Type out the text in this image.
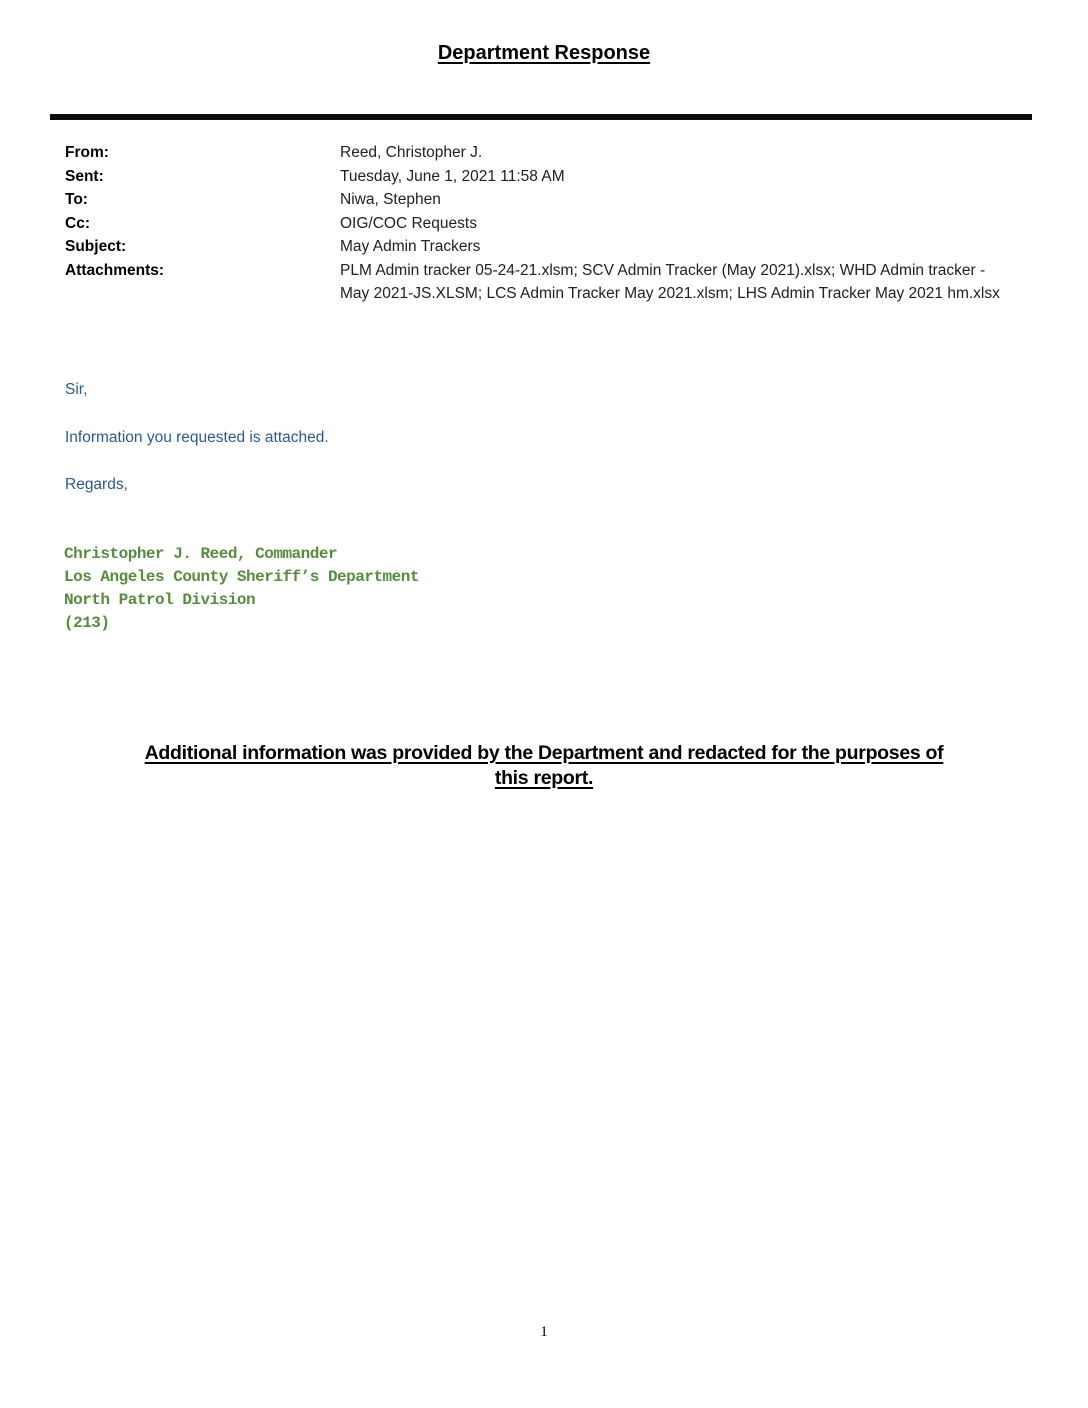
Department Response
From:	Reed, Christopher J.
Sent:	Tuesday, June 1, 2021 11:58 AM
To:	Niwa, Stephen
Cc:	OIG/COC Requests
Subject:	May Admin Trackers
Attachments:	PLM Admin tracker 05-24-21.xlsm; SCV Admin Tracker (May 2021).xlsx; WHD Admin tracker -May 2021-JS.XLSM; LCS Admin Tracker May 2021.xlsm; LHS Admin Tracker May 2021 hm.xlsx

Sir,

Information you requested is attached.

Regards,

Christopher J. Reed, Commander
Los Angeles County Sheriff’s Department
North Patrol Division
(213)
Additional information was provided by the Department and redacted for the purposes of this report.
1
